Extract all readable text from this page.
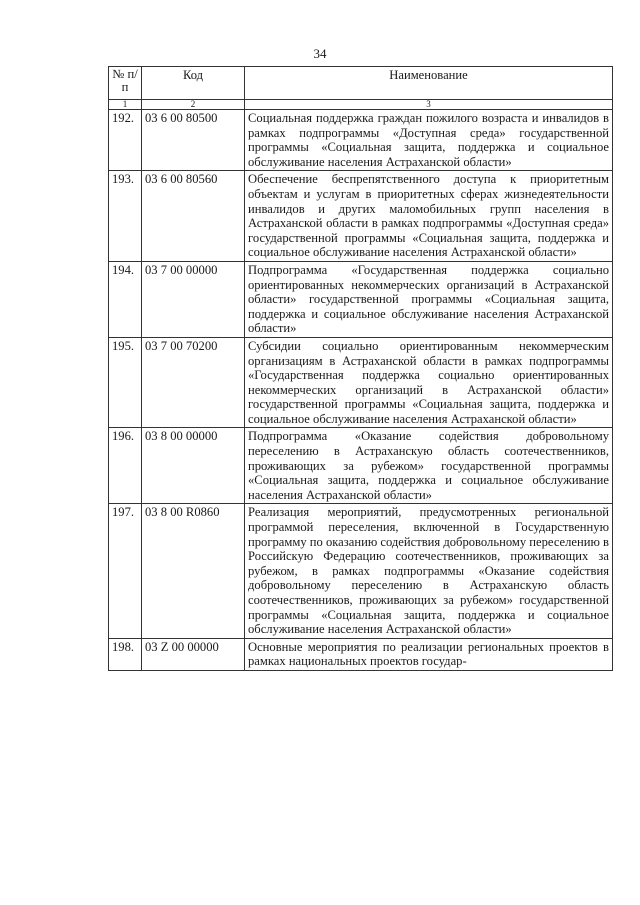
34
№ п/п	Код	Наименование
1	2	3
192.	03 6 00 80500	Социальная поддержка граждан пожилого возраста и инвалидов в рамках подпрограммы «Доступная среда» государственной программы «Социальная защита, поддержка и социальное обслуживание населения Астраханской области»
193.	03 6 00 80560	Обеспечение беспрепятственного доступа к приоритетным объектам и услугам в приоритетных сферах жизнедеятельности инвалидов и других маломобильных групп населения в Астраханской области в рамках подпрограммы «Доступная среда» государственной программы «Социальная защита, поддержка и социальное обслуживание населения Астраханской области»
194.	03 7 00 00000	Подпрограмма «Государственная поддержка социально ориентированных некоммерческих организаций в Астраханской области» государственной программы «Социальная защита, поддержка и социальное обслуживание населения Астраханской области»
195.	03 7 00 70200	Субсидии социально ориентированным некоммерческим организациям в Астраханской области в рамках подпрограммы «Государственная поддержка социально ориентированных некоммерческих организаций в Астраханской области» государственной программы «Социальная защита, поддержка и социальное обслуживание населения Астраханской области»
196.	03 8 00 00000	Подпрограмма «Оказание содействия добровольному переселению в Астраханскую область соотечественников, проживающих за рубежом» государственной программы «Социальная защита, поддержка и социальное обслуживание населения Астраханской области»
197.	03 8 00 R0860	Реализация мероприятий, предусмотренных региональной программой переселения, включенной в Государственную программу по оказанию содействия добровольному переселению в Российскую Федерацию соотечественников, проживающих за рубежом, в рамках подпрограммы «Оказание содействия добровольному переселению в Астраханскую область соотечественников, проживающих за рубежом» государственной программы «Социальная защита, поддержка и социальное обслуживание населения Астраханской области»
198.	03 Z 00 00000	Основные мероприятия по реализации региональных проектов в рамках национальных проектов государ-
